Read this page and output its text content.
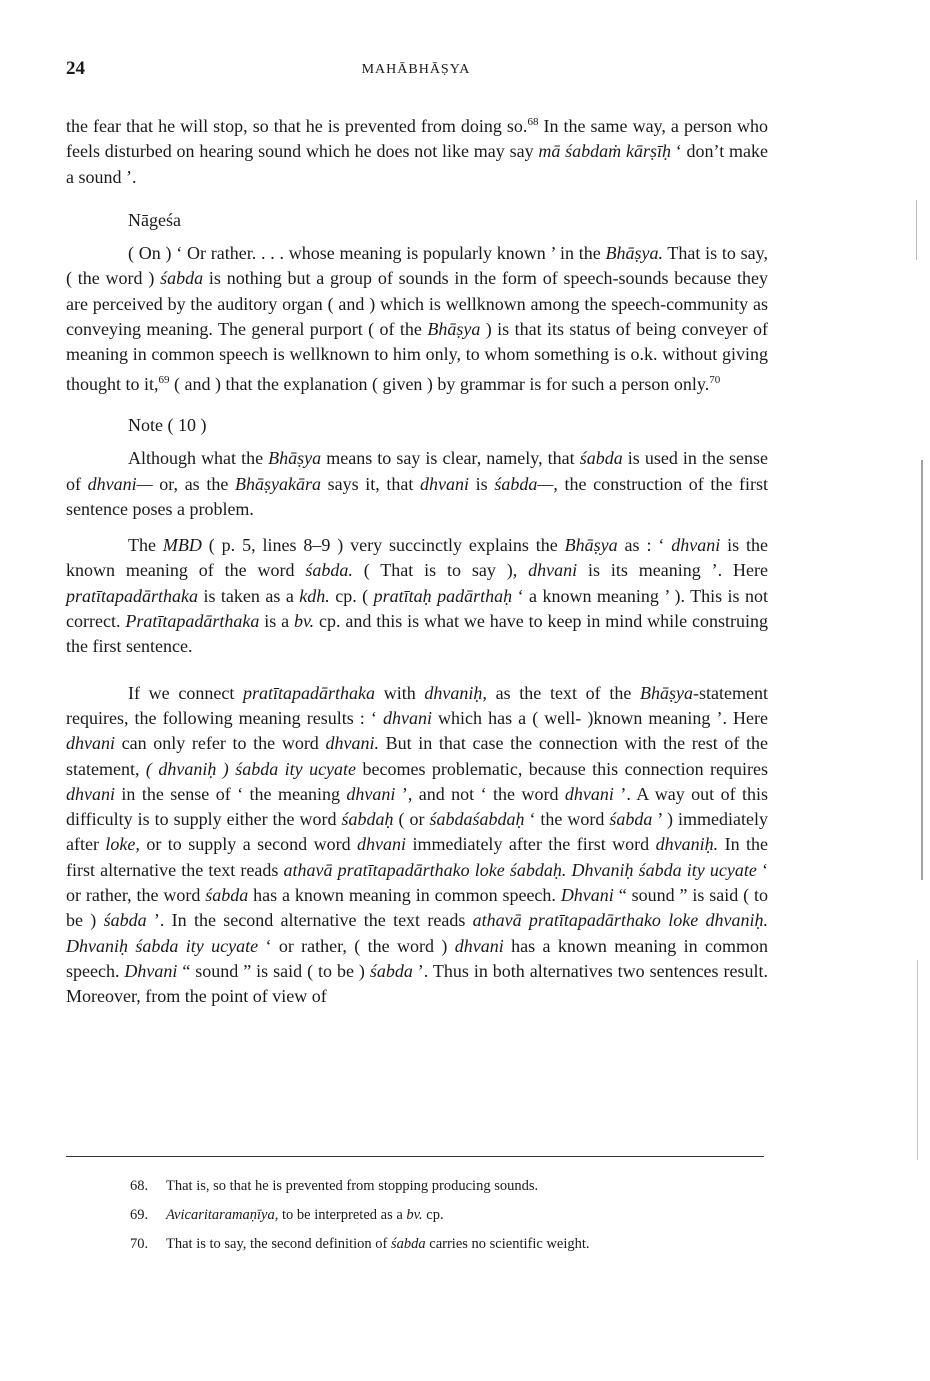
24	MAHĀBHĀṢYA

the fear that he will stop, so that he is prevented from doing so.$^{68}$ In the same way, a person who feels disturbed on hearing sound which he does not like may say mā śabdaṁ kārṣīḥ ‘ don’t make a sound ’.

Nāgeśa

( On ) ‘ Or rather. . . . whose meaning is popularly known ’ in the Bhāṣya. That is to say, ( the word ) śabda is nothing but a group of sounds in the form of speech-sounds because they are perceived by the auditory organ ( and ) which is wellknown among the speech-community as conveying meaning. The general purport ( of the Bhāṣya ) is that its status of being conveyer of meaning in common speech is wellknown to him only, to whom something is o.k. without giving thought to it,$^{69}$ ( and ) that the explanation ( given ) by grammar is for such a person only.$^{70}$

Note ( 10 )

Although what the Bhāṣya means to say is clear, namely, that śabda is used in the sense of dhvani— or, as the Bhāṣyakāra says it, that dhvani is śabda—, the construction of the first sentence poses a problem.

The MBD ( p. 5, lines 8–9 ) very succinctly explains the Bhāṣya as : ‘ dhvani is the known meaning of the word śabda. ( That is to say ), dhvani is its meaning ’. Here pratītapadārthaka is taken as a kdh. cp. ( pratītaḥ padārthaḥ ‘ a known meaning ’ ). This is not correct. Pratītapadārthaka is a bv. cp. and this is what we have to keep in mind while construing the first sentence.

If we connect pratītapadārthaka with dhvaniḥ, as the text of the Bhāṣya-statement requires, the following meaning results : ‘ dhvani which has a ( well- )known meaning ’. Here dhvani can only refer to the word dhvani. But in that case the connection with the rest of the statement, ( dhvaniḥ ) śabda ity ucyate becomes problematic, because this connection requires dhvani in the sense of ‘ the meaning dhvani ’, and not ‘ the word dhvani ’. A way out of this difficulty is to supply either the word śabdaḥ ( or śabdaśabdaḥ ‘ the word śabda ’ ) immediately after loke, or to supply a second word dhvani immediately after the first word dhvaniḥ. In the first alternative the text reads athavā pratītapadārthako loke śabdaḥ. Dhvaniḥ śabda ity ucyate ‘ or rather, the word śabda has a known meaning in common speech. Dhvani “ sound ” is said ( to be ) śabda ’. In the second alternative the text reads athavā pratītapadārthako loke dhvaniḥ. Dhvaniḥ śabda ity ucyate ‘ or rather, ( the word ) dhvani has a known meaning in common speech. Dhvani “ sound ” is said ( to be ) śabda ’. Thus in both alternatives two sentences result. Moreover, from the point of view of

68. That is, so that he is prevented from stopping producing sounds.
69. Avicaritaramaṇīya, to be interpreted as a bv. cp.
70. That is to say, the second definition of śabda carries no scientific weight.
